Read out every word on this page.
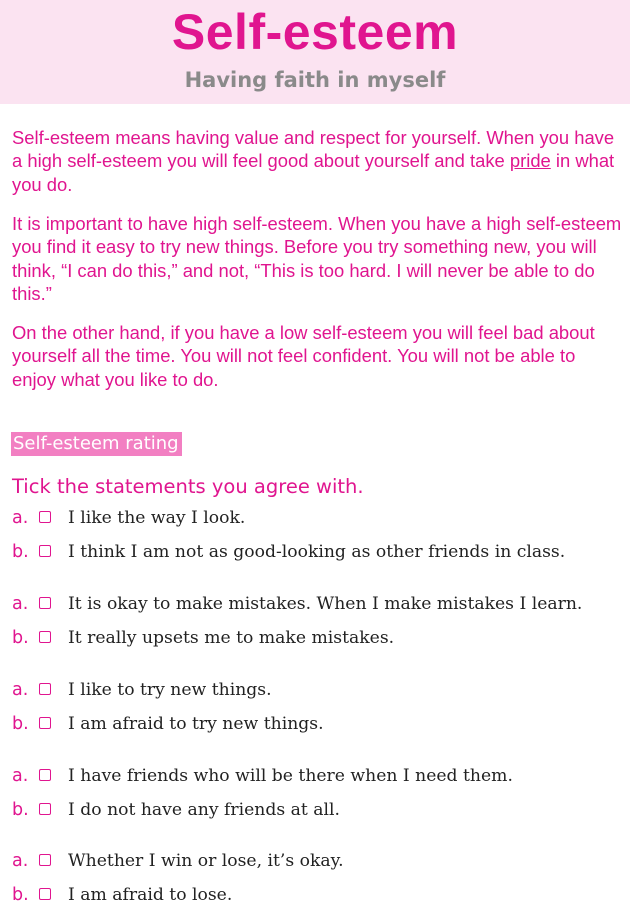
Self-esteem
Having faith in myself

Self-esteem means having value and respect for yourself. When you have a high self-esteem you will feel good about yourself and take pride in what you do.

It is important to have high self-esteem. When you have a high self-esteem you find it easy to try new things. Before you try something new, you will think, “I can do this,” and not, “This is too hard. I will never be able to do this.”

On the other hand, if you have a low self-esteem you will feel bad about yourself all the time. You will not feel confident. You will not be able to enjoy what you like to do.

Self-esteem rating
Tick the statements you agree with.
a. I like the way I look.
b. I think I am not as good-looking as other friends in class.
a. It is okay to make mistakes. When I make mistakes I learn.
b. It really upsets me to make mistakes.
a. I like to try new things.
b. I am afraid to try new things.
a. I have friends who will be there when I need them.
b. I do not have any friends at all.
a. Whether I win or lose, it’s okay.
b. I am afraid to lose.
